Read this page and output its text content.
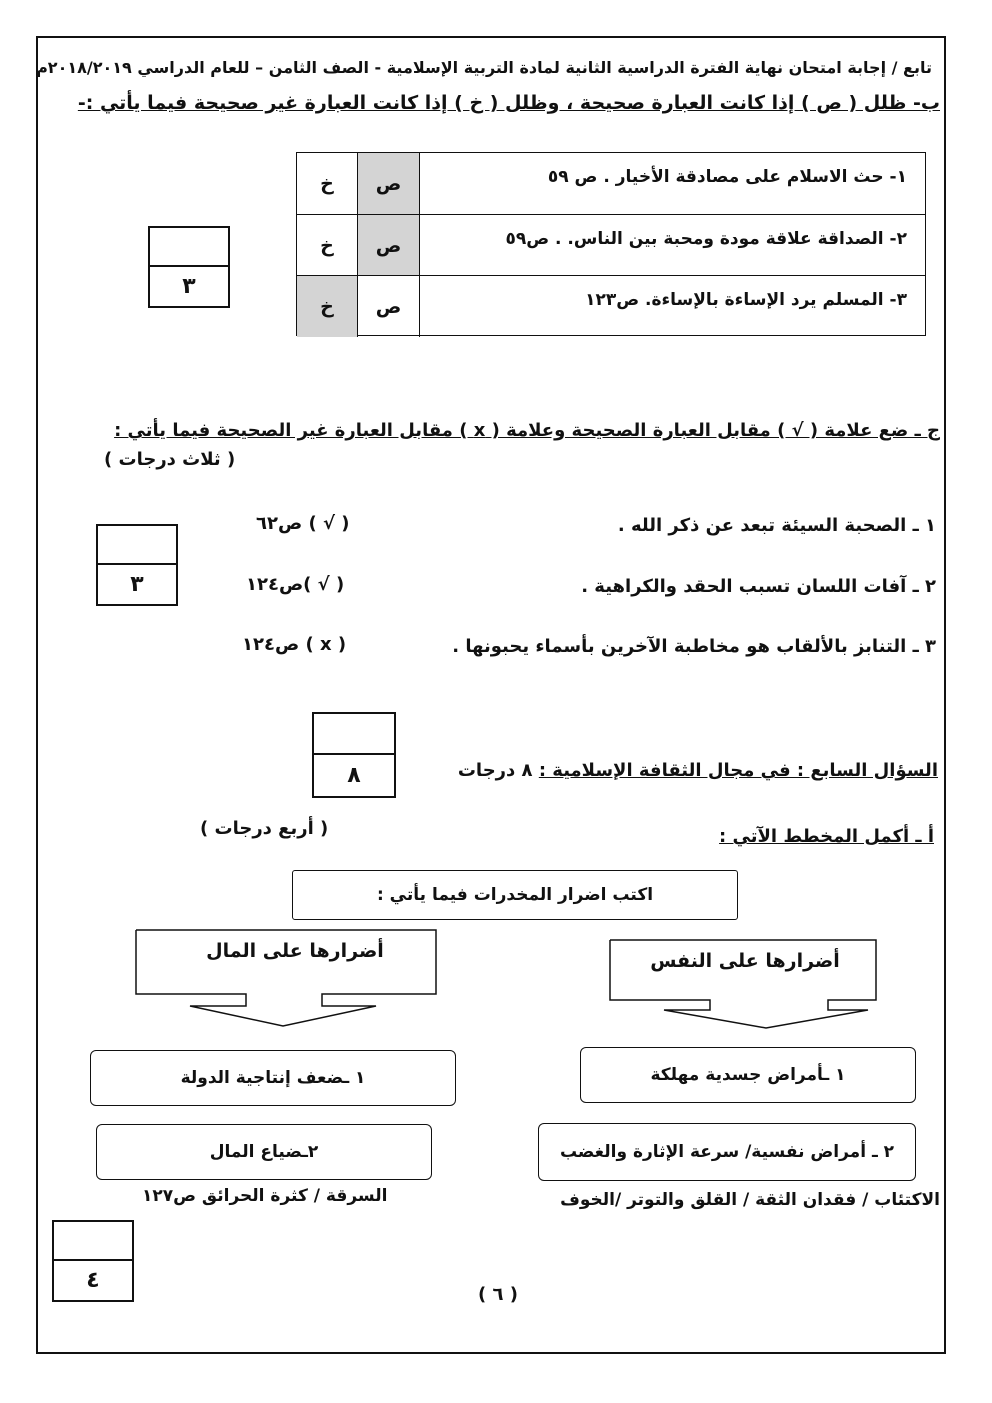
تابع / إجابة امتحان نهاية الفترة الدراسية الثانية لمادة التربية الإسلامية - الصف الثامن – للعام الدراسي ٢٠١٨/٢٠١٩م
ب- ظلل ( ص ) إذا كانت العبارة صحيحة ، وظلل ( خ ) إذا كانت العبارة غير صحيحة فيما يأتي :-
١- حث الاسلام على مصادقة الأخيار . ص ٥٩
ص
خ
٢- الصداقة علاقة مودة ومحبة بين الناس. . ص٥٩
ص
خ
٣- المسلم يرد الإساءة بالإساءة. ص١٢٣
ص
خ
٣
ج ـ ضع علامة ( √ ) مقابل العبارة الصحيحة وعلامة ( x ) مقابل العبارة غير الصحيحة فيما يأتي :
( ثلاث درجات )
١ ـ الصحبة السيئة تبعد عن ذكر الله .
( √ ) ص٦٢
٢ ـ آفات اللسان تسبب الحقد والكراهية .
( √ )ص١٢٤
٣ ـ التنابز بالألقاب هو مخاطبة الآخرين بأسماء يحبونها .
( x ) ص١٢٤
٣
٨	السؤال السابع : في مجال الثقافة الإسلامية : ٨ درجات
أ ـ أكمل المخطط الآتي :
( أربع درجات )
اكتب اضرار المخدرات فيما يأتي :
أضرارها على المال	أضرارها على النفس
١ ـأمراض جسدية مهلكة
١ ـضعف إنتاجية الدولة
٢ ـ أمراض نفسية/ سرعة الإثارة والغضب
٢ـضياع المال
الاكتئاب / فقدان الثقة / القلق والتوتر /الخوف
السرقة / كثرة الحرائق ص١٢٧
٤
( ٦ )
